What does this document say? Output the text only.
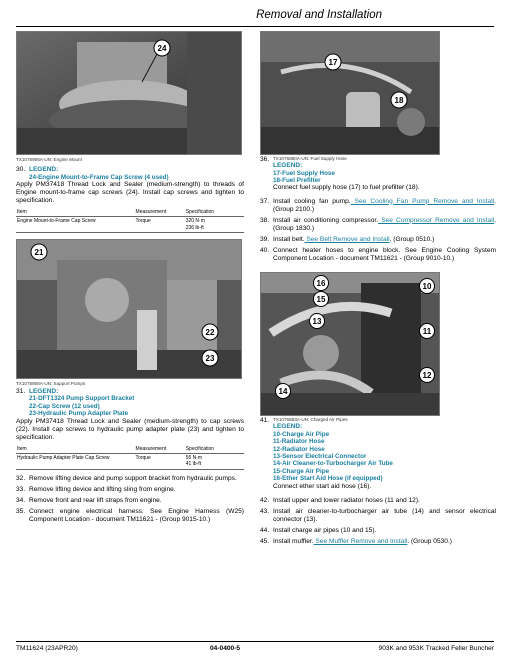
Removal and Installation
24
TX1076906A-UN: Engine Mount
30. LEGEND:
24-Engine Mount-to-Frame Cap Screw (4 used)
Apply PM37418 Thread Lock and Sealer (medium-strength) to threads of Engine mount-to-frame cap screws (24). Install cap screws and tighten to specification.
Item	Measurement	Specification
Engine Mount-to-Frame Cap Screw	Torque	320 N·m
236 lb-ft
21
22
23
TX1076908A-UN: Support Pumps
31. LEGEND:
21-DFT1324 Pump Support Bracket
22-Cap Screw (12 used)
23-Hydraulic Pump Adapter Plate
Apply PM37418 Thread Lock and Sealer (medium-strength) to cap screws (22). Install cap screws to hydraulic pump adapter plate (23) and tighten to specification.
Item	Measurement	Specification
Hydraulic Pump Adapter Plate Cap Screw	Torque	55 N·m
41 lb-ft
32. Remove lifting device and pump support bracket from hydraulic pumps.
33. Remove lifting device and lifting sling from engine.
34. Remove front and rear lift straps from engine.
35. Connect engine electrical harness. See Engine Harness (W25) Component Location - document TM11621 - (Group 9015-10.)
17
18
36. TX1076880A-UN: Fuel Supply Hose
LEGEND:
17-Fuel Supply Hose
18-Fuel Prefilter
Connect fuel supply hose (17) to fuel prefilter (18).
37. Install cooling fan pump. See Cooling Fan Pump Remove and Install. (Group 2100.)
38. Install air conditioning compressor. See Compressor Remove and Install. (Group 1830.)
39. Install belt. See Belt Remove and Install. (Group 0510.)
40. Connect heater hoses to engine block. See Engine Cooling System Component Location - document TM11621 - (Group 9010-10.)
10
11
12
13
14
15
16
41. TX1076883A-UN: Charged Air Pipes
LEGEND:
10-Charge Air Pipe
11-Radiator Hose
12-Radiator Hose
13-Sensor Electrical Connector
14-Air Cleaner-to-Turbocharger Air Tube
15-Charge Air Pipe
16-Ether Start Aid Hose (if equipped)
Connect ether start aid hose (16).
42. Install upper and lower radiator hoses (11 and 12).
43. Install air cleaner-to-turbocharger air tube (14) and sensor electrical connector (13).
44. Install charge air pipes (10 and 15).
45. Install muffler. See Muffler Remove and Install. (Group 0530.)
TM11624 (23APR20)	04-0400-5	903K and 953K Tracked Feller Buncher
